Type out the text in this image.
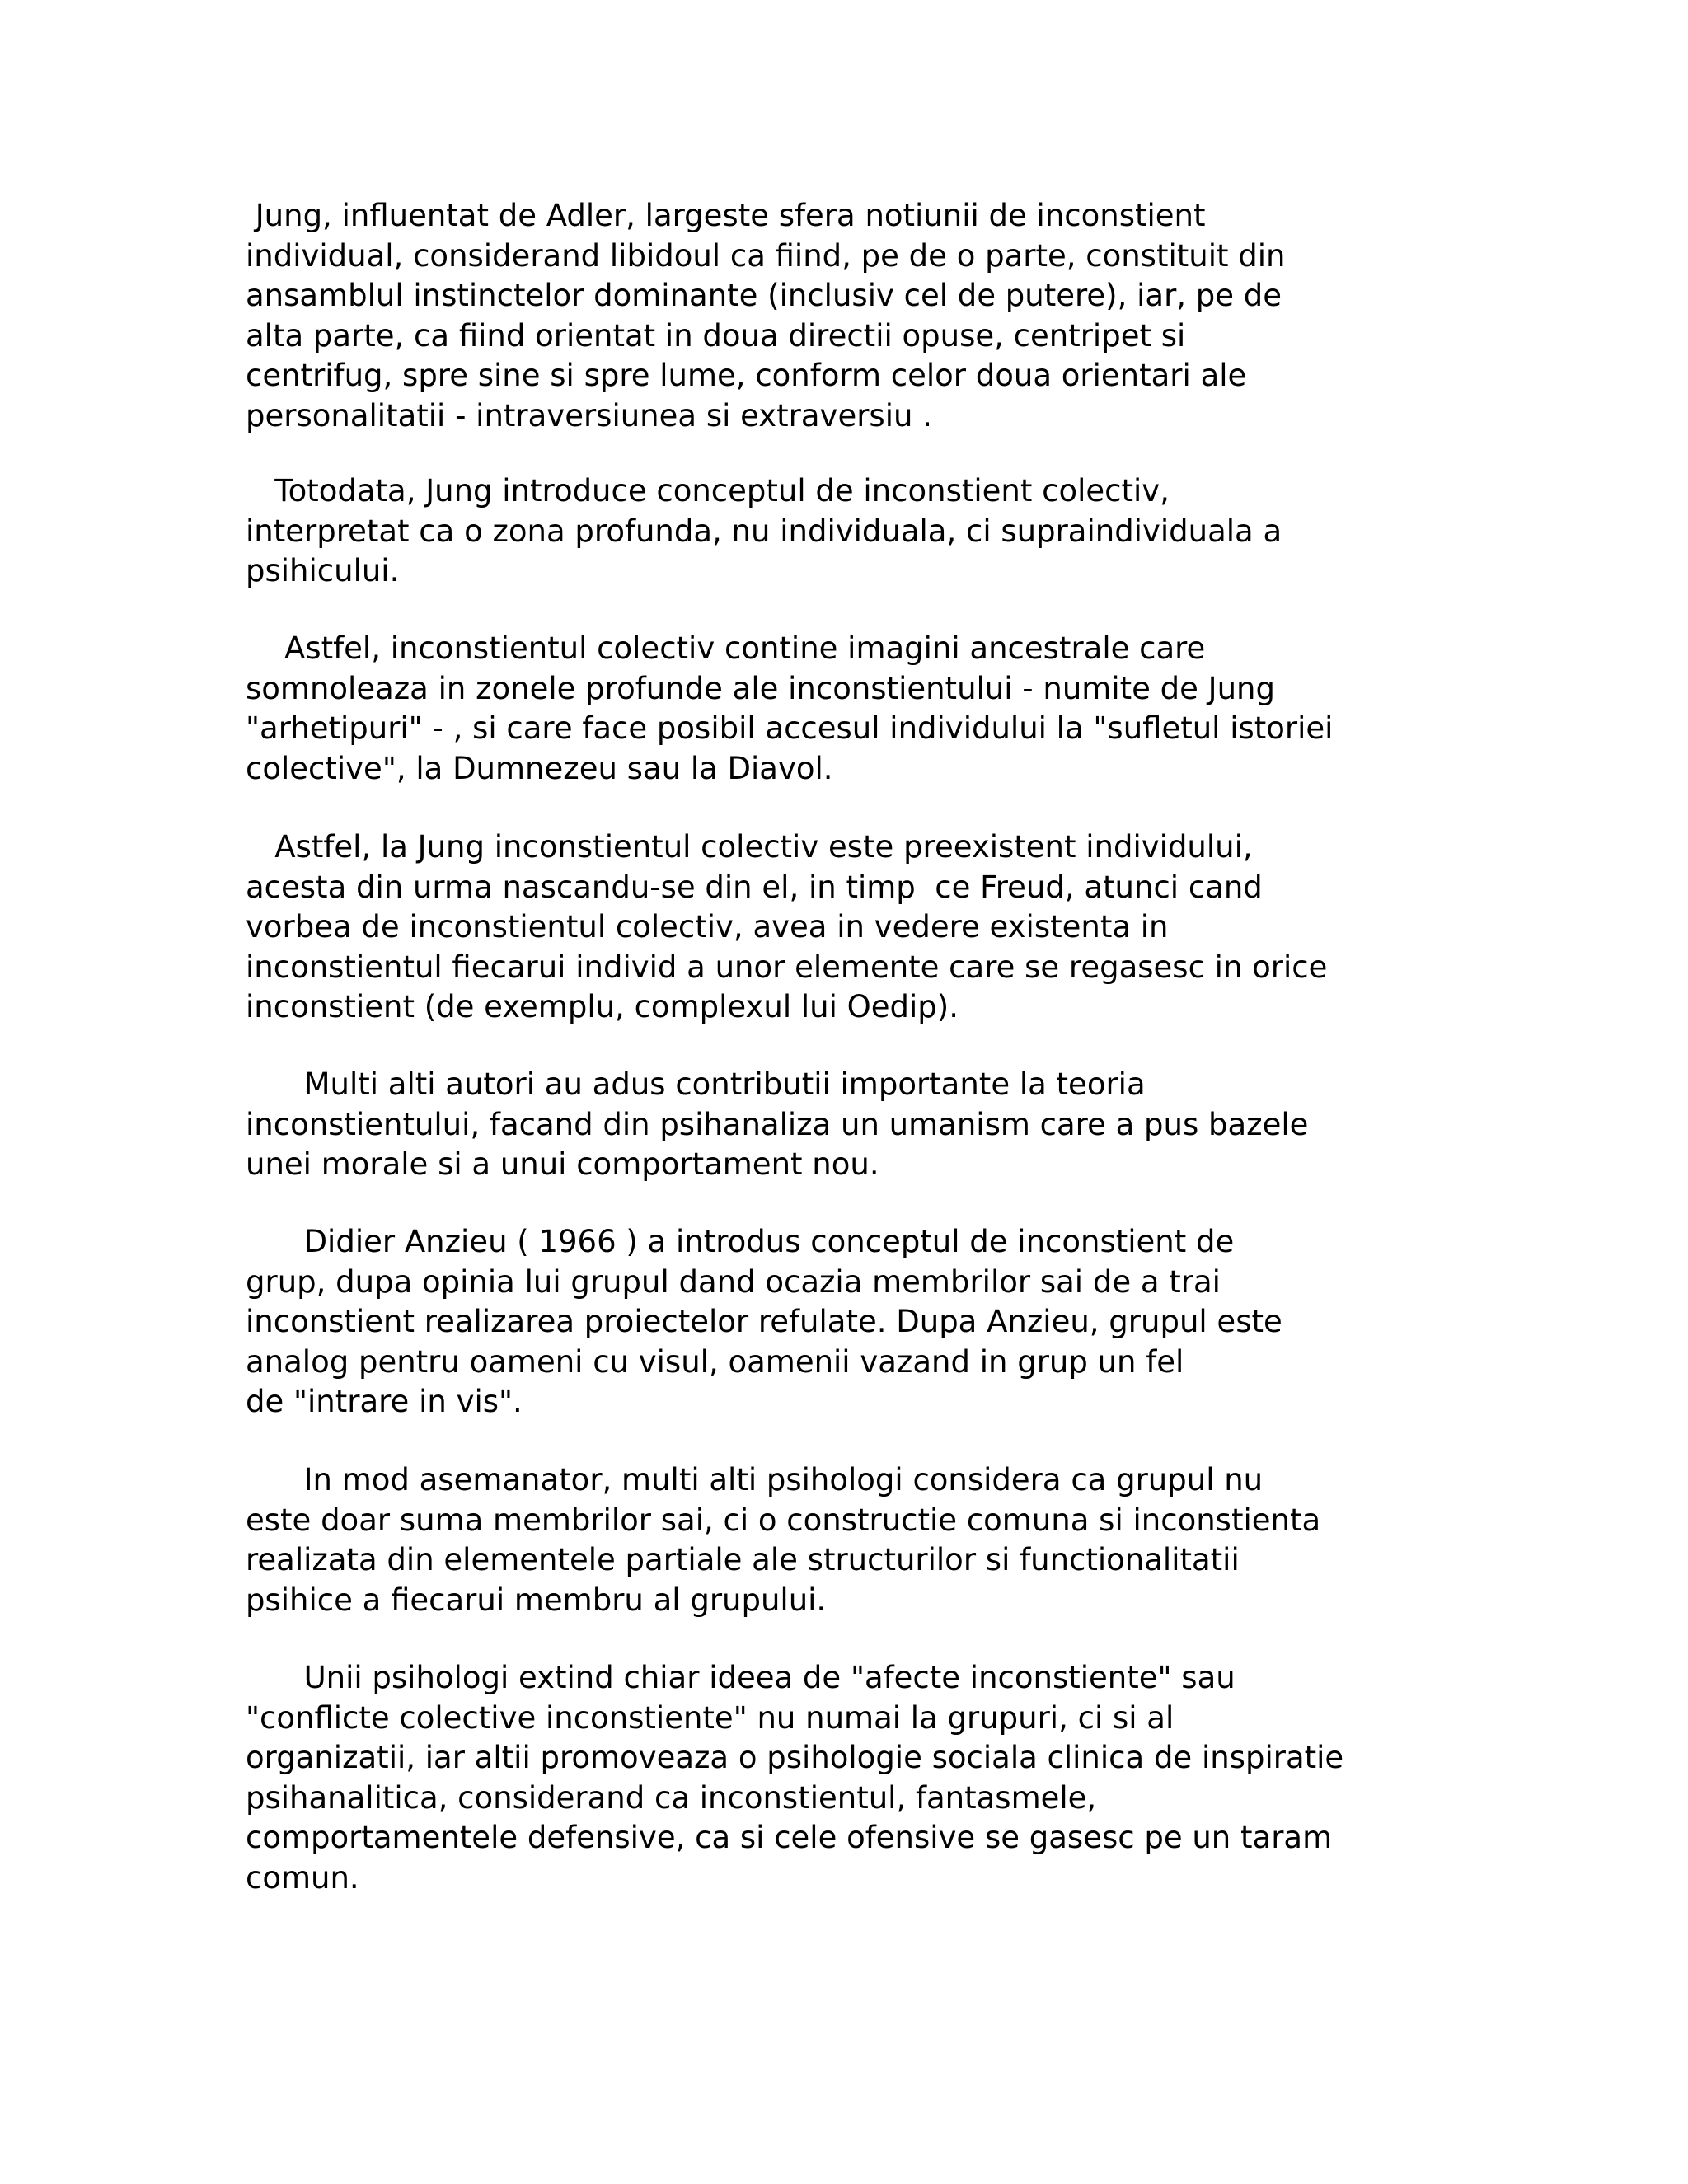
Jung, influentat de Adler, largeste sfera notiunii de inconstient
individual, considerand libidoul ca fiind, pe de o parte, constituit din
ansamblul instinctelor dominante (inclusiv cel de putere), iar, pe de
alta parte, ca fiind orientat in doua directii opuse, centripet si
centrifug, spre sine si spre lume, conform celor doua orientari ale
personalitatii - intraversiunea si extraversiu .
Totodata, Jung introduce conceptul de inconstient colectiv,
interpretat ca o zona profunda, nu individuala, ci supraindividuala a
psihicului.
Astfel, inconstientul colectiv contine imagini ancestrale care
somnoleaza in zonele profunde ale inconstientului - numite de Jung
"arhetipuri" - , si care face posibil accesul individului la "sufletul istoriei
colective", la Dumnezeu sau la Diavol.
Astfel, la Jung inconstientul colectiv este preexistent individului,
acesta din urma nascandu-se din el, in timp  ce Freud, atunci cand
vorbea de inconstientul colectiv, avea in vedere existenta in
inconstientul fiecarui individ a unor elemente care se regasesc in orice
inconstient (de exemplu, complexul lui Oedip).
Multi alti autori au adus contributii importante la teoria
inconstientului, facand din psihanaliza un umanism care a pus bazele
unei morale si a unui comportament nou.
Didier Anzieu ( 1966 ) a introdus conceptul de inconstient de
grup, dupa opinia lui grupul dand ocazia membrilor sai de a trai
inconstient realizarea proiectelor refulate. Dupa Anzieu, grupul este
analog pentru oameni cu visul, oamenii vazand in grup un fel
de "intrare in vis".
In mod asemanator, multi alti psihologi considera ca grupul nu
este doar suma membrilor sai, ci o constructie comuna si inconstienta
realizata din elementele partiale ale structurilor si functionalitatii
psihice a fiecarui membru al grupului.
Unii psihologi extind chiar ideea de "afecte inconstiente" sau
"conflicte colective inconstiente" nu numai la grupuri, ci si al
organizatii, iar altii promoveaza o psihologie sociala clinica de inspiratie
psihanalitica, considerand ca inconstientul, fantasmele,
comportamentele defensive, ca si cele ofensive se gasesc pe un taram
comun.
